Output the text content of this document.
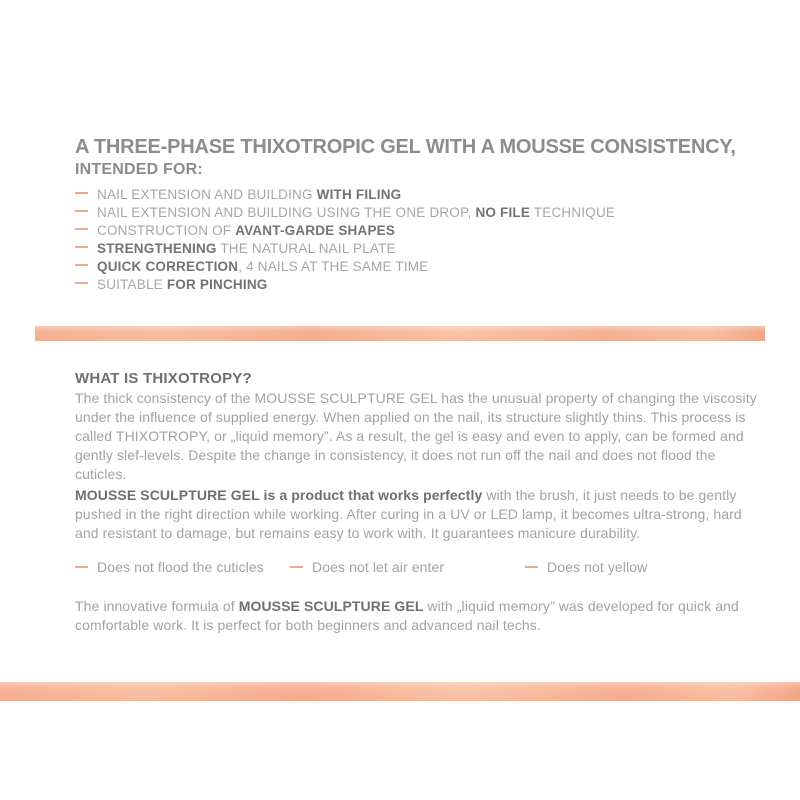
A THREE-PHASE THIXOTROPIC GEL WITH A MOUSSE CONSISTENCY,
INTENDED FOR:
NAIL EXTENSION AND BUILDING WITH FILING
NAIL EXTENSION AND BUILDING USING THE ONE DROP, NO FILE TECHNIQUE
CONSTRUCTION OF AVANT-GARDE SHAPES
STRENGTHENING THE NATURAL NAIL PLATE
QUICK CORRECTION, 4 NAILS AT THE SAME TIME
SUITABLE FOR PINCHING
WHAT IS THIXOTROPY?

The thick consistency of the MOUSSE SCULPTURE GEL has the unusual property of changing the viscosity under the influence of supplied energy. When applied on the nail, its structure slightly thins. This process is called THIXOTROPY, or „liquid memory”. As a result, the gel is easy and even to apply, can be formed and gently slef-levels. Despite the change in consistency, it does not run off the nail and does not flood the cuticles.

MOUSSE SCULPTURE GEL is a product that works perfectly with the brush, it just needs to be gently pushed in the right direction while working. After curing in a UV or LED lamp, it becomes ultra-strong, hard and resistant to damage, but remains easy to work with. It guarantees manicure durability.

Does not flood the cuticles	Does not let air enter	Does not yellow

The innovative formula of MOUSSE SCULPTURE GEL with „liquid memory” was developed for quick and comfortable work. It is perfect for both beginners and advanced nail techs.
